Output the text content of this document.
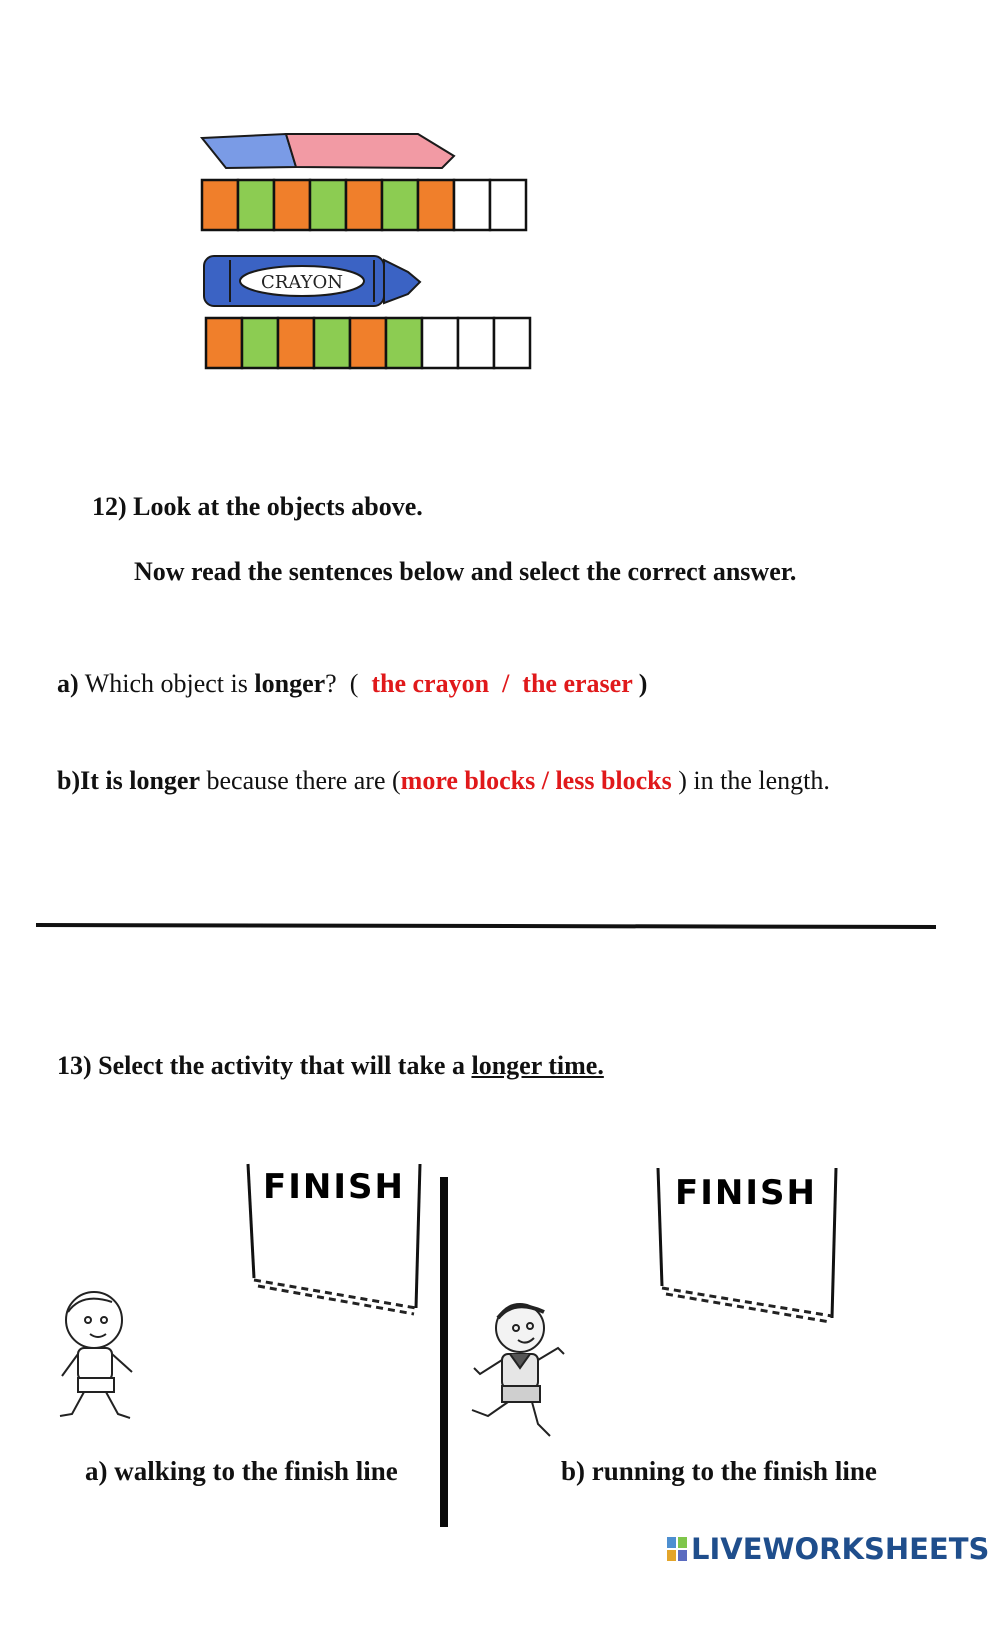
CRAYON
12) Look at the objects above.
Now read the sentences below and select the correct answer.
a) Which object is longer?  (  the crayon  /  the eraser )
b)It is longer because there are (more blocks / less blocks ) in the length.
13) Select the activity that will take a longer time.
FINISH	FINISH
a) walking to the finish line	b) running to the finish line
LIVEWORKSHEETS
